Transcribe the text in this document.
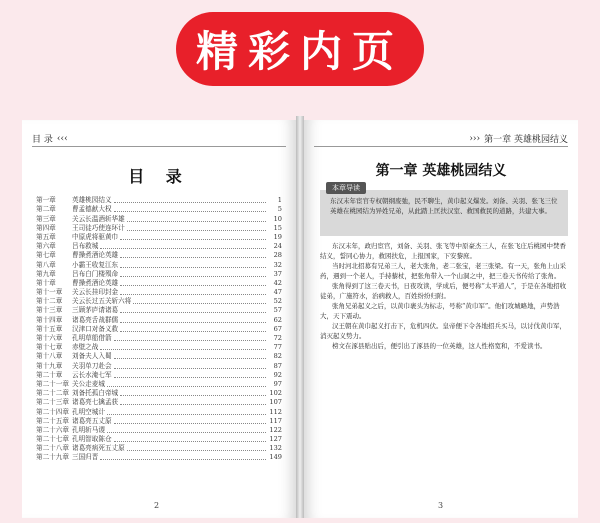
精彩内页
目 录 ‹‹‹
目 录
第一章	英雄桃园结义	1
第二章	曹孟德献大权	5
第三章	关云长温酒斩华雄	10
第四章	王司徒巧使连环计	15
第五章	中原虎将驱黄巾	19
第六章	吕布救城	24
第七章	曹操煮酒论英雄	28
第八章	小霸王收复江东	32
第九章	吕布白门楼殒命	37
第十章	曹操煮酒论英雄	42
第十一章	关云长挂印封金	47
第十二章	关云长过五关斩六将	52
第十三章	三顾茅庐请诸葛	57
第十四章	诸葛亮舌战群儒	62
第十五章	汉津口对备义救	67
第十六章	孔明草船借箭	72
第十七章	赤壁之战	77
第十八章	刘备夫人入蜀	82
第十九章	关羽单刀赴会	87
第二十章	云长水淹七军	92
第二十一章 关公走麦城	97
第二十二章 刘备托孤白帝城	102
第二十三章 诸葛亮七擒孟获	107
第二十四章 孔明空城计	112
第二十五章 诸葛亮五丈原	117
第二十六章 孔明斩马谡	122
第二十七章 孔明智取陈仓	127
第二十八章 诸葛亮病死五丈原	132
第二十九章 三国归晋	149
2
››› 第一章 英雄桃园结义
第一章 英雄桃园结义
东汉末年宦官专权朝纲废弛，民不聊生，黄巾起义爆发。刘备、关羽、张飞三位英雄在桃园结为异姓兄弟，从此踏上匡扶汉室、救国救民的道路，共建大事。
本章导读

东汉末年，政归宦官，刘备、关羽、张飞等中原豪杰三人，在张飞庄后桃园中焚香结义，誓同心协力，救困扶危，上报国家，下安黎庶。

当时河北招募有兄弟三人，老大张角，老二张宝，老三张梁。有一天，张角上山采药，遇到一个老人，手持藜杖，把张角带入一个山洞之中，把三卷天书传给了张角。

张角得到了这三卷天书，日夜攻读，学成后，便号称“太平道人”，于是在各地招收徒弟，广施符水，治病救人，百姓纷纷归附。

张角兄弟起义之后，以黄巾裹头为标志，号称“黄巾军”。他们攻城略地，声势浩大，天下震动。

汉王朝在黄巾起义打击下，危机四伏。皇帝便下令各地招兵买马，以讨伐黄巾军，消灭起义势力。

榜文在涿县贴出后，便引出了涿县的一位英雄，这人性格宽和，不爱读书。

3
